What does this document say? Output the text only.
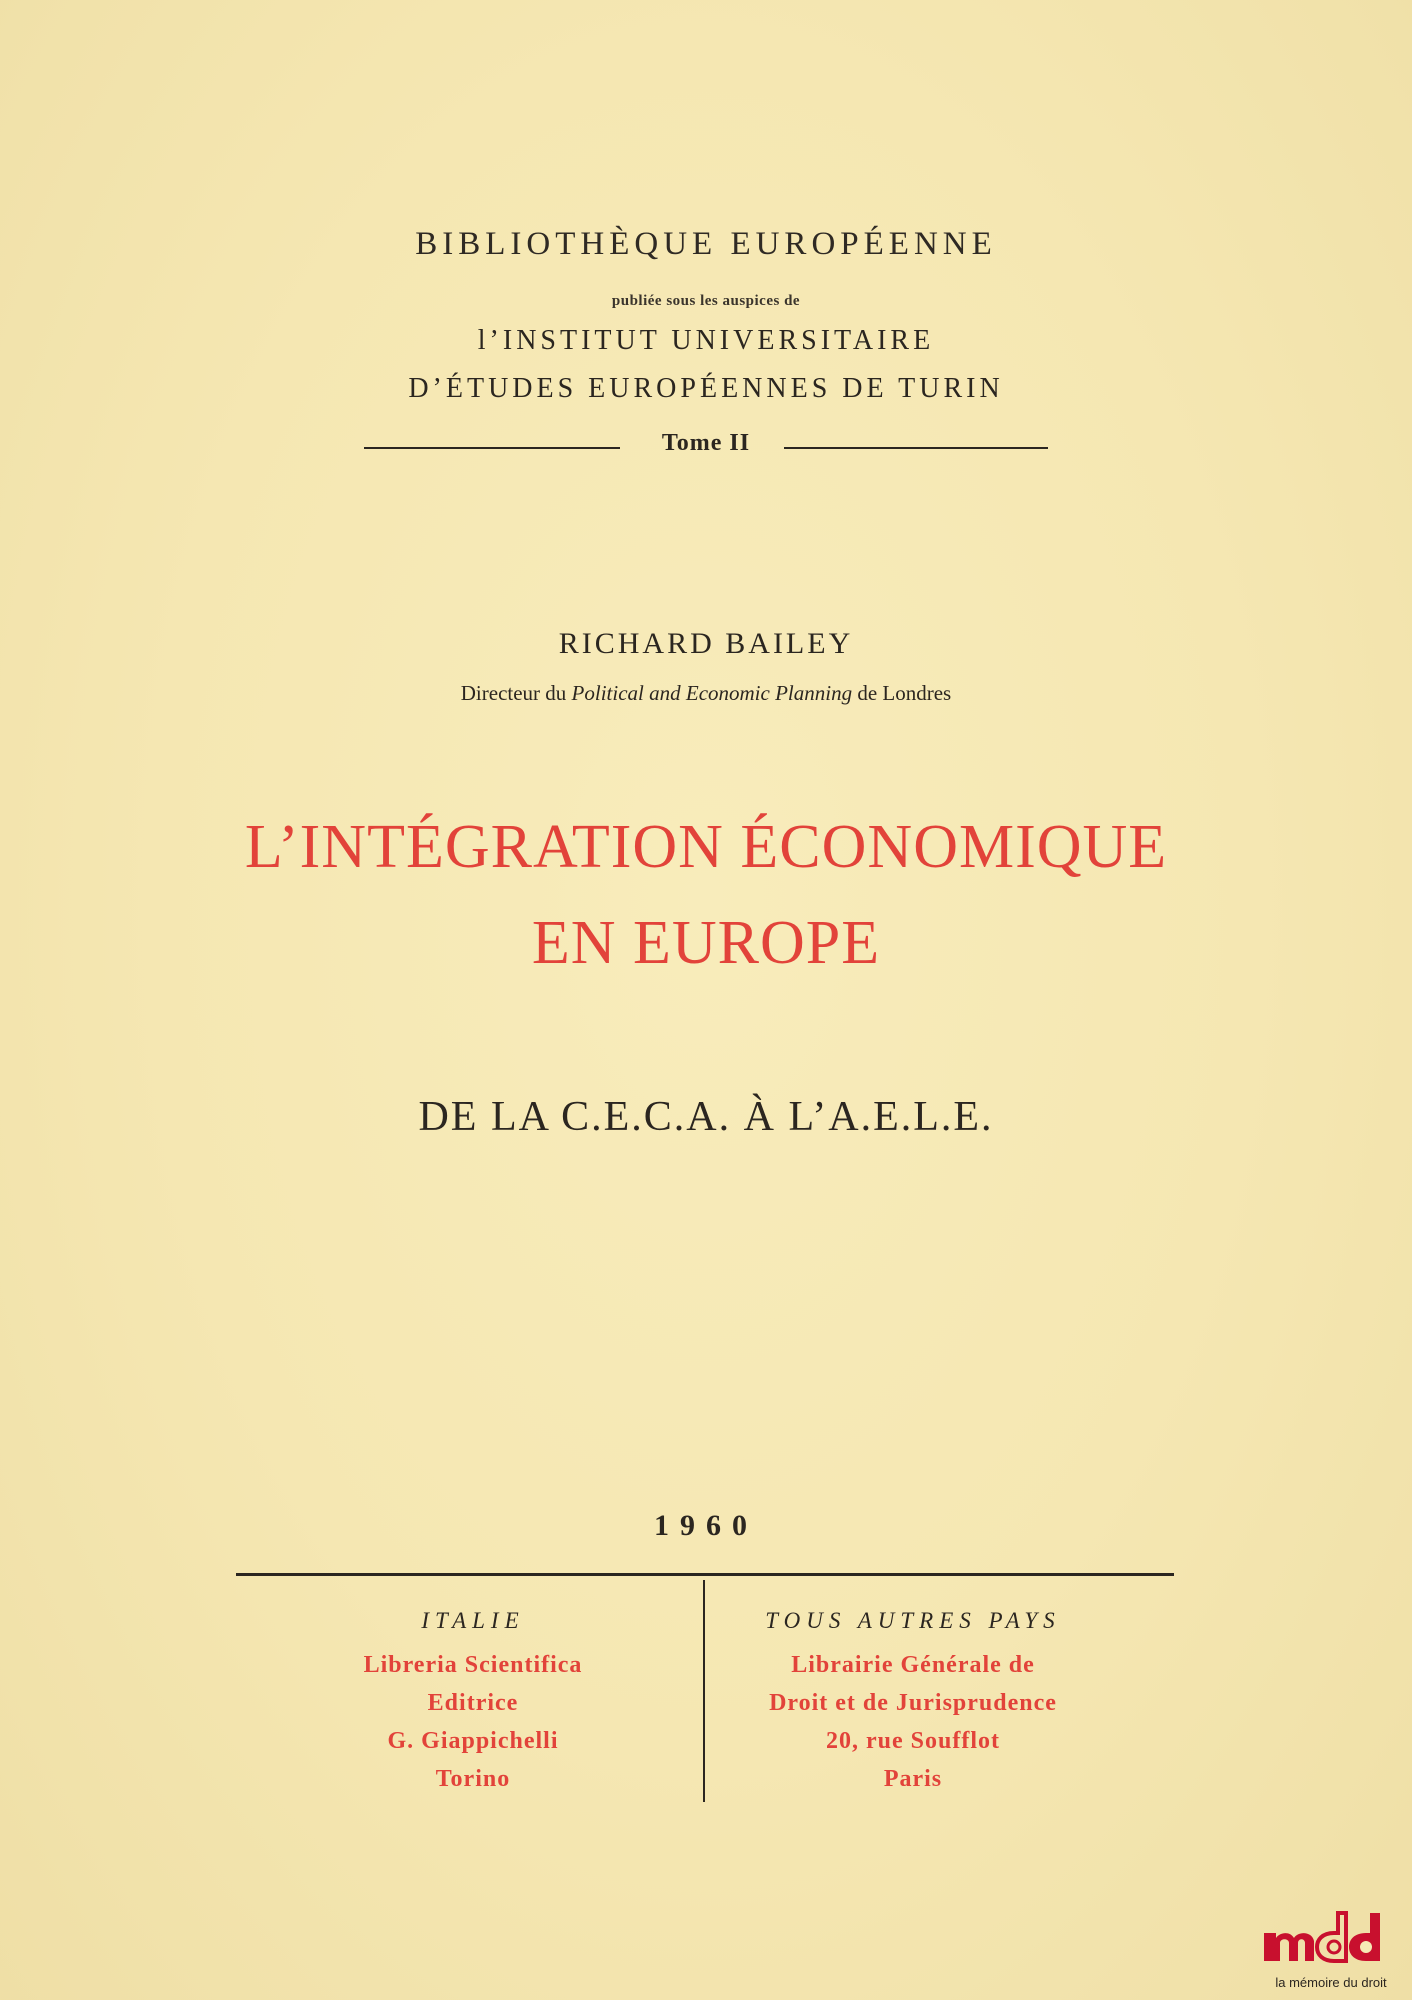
BIBLIOTHÈQUE EUROPÉENNE
publiée sous les auspices de
l’INSTITUT UNIVERSITAIRE
D’ÉTUDES EUROPÉENNES DE TURIN
Tome II
RICHARD BAILEY
Directeur du Political and Economic Planning de Londres
L’INTÉGRATION ÉCONOMIQUE
EN EUROPE
DE LA C.E.C.A. À L’A.E.L.E.
1960
ITALIE
Libreria Scientifica
Editrice
G. Giappichelli
Torino
TOUS AUTRES PAYS
Librairie Générale de
Droit et de Jurisprudence
20, rue Soufflot
Paris
la mémoire du droit
